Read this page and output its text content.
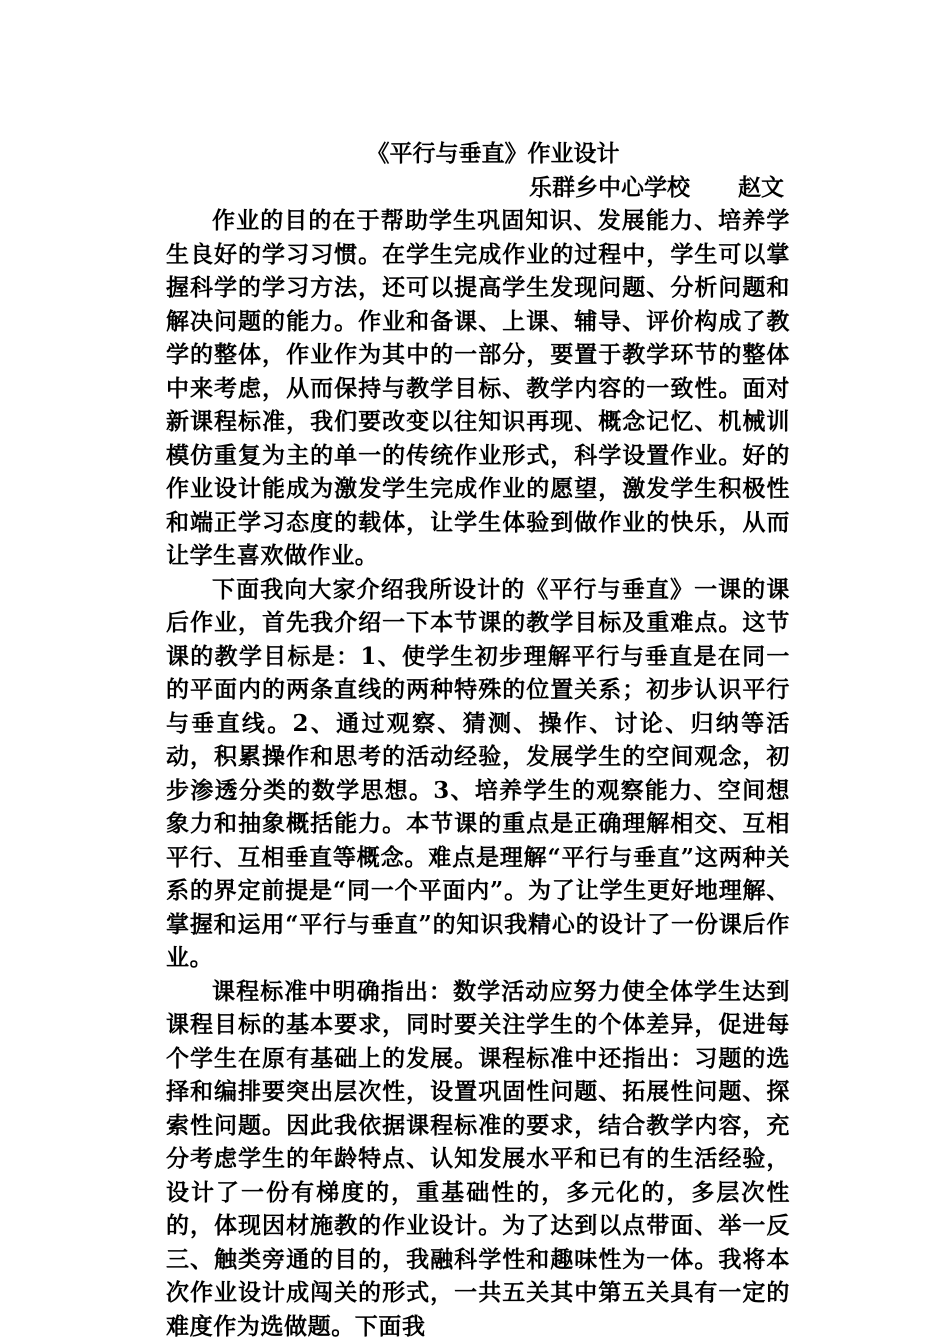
《平行与垂直》作业设计

乐群乡中心学校 赵文

作业的目的在于帮助学生巩固知识、发展能力、培养学生良好的学习习惯。在学生完成作业的过程中，学生可以掌握科学的学习方法，还可以提高学生发现问题、分析问题和解决问题的能力。作业和备课、上课、辅导、评价构成了教学的整体，作业作为其中的一部分，要置于教学环节的整体中来考虑，从而保持与教学目标、教学内容的一致性。面对新课程标准，我们要改变以往知识再现、概念记忆、机械训模仿重复为主的单一的传统作业形式，科学设置作业。好的作业设计能成为激发学生完成作业的愿望，激发学生积极性和端正学习态度的载体，让学生体验到做作业的快乐，从而让学生喜欢做作业。

下面我向大家介绍我所设计的《平行与垂直》一课的课后作业，首先我介绍一下本节课的教学目标及重难点。这节课的教学目标是：1、使学生初步理解平行与垂直是在同一的平面内的两条直线的两种特殊的位置关系；初步认识平行与垂直线。2、通过观察、猜测、操作、讨论、归纳等活动，积累操作和思考的活动经验，发展学生的空间观念，初步渗透分类的数学思想。3、培养学生的观察能力、空间想象力和抽象概括能力。本节课的重点是正确理解相交、互相平行、互相垂直等概念。难点是理解“平行与垂直”这两种关系的界定前提是“同一个平面内”。为了让学生更好地理解、掌握和运用“平行与垂直”的知识我精心的设计了一份课后作业。

课程标准中明确指出：数学活动应努力使全体学生达到课程目标的基本要求，同时要关注学生的个体差异，促进每个学生在原有基础上的发展。课程标准中还指出：习题的选择和编排要突出层次性，设置巩固性问题、拓展性问题、探索性问题。因此我依据课程标准的要求，结合教学内容，充分考虑学生的年龄特点、认知发展水平和已有的生活经验，设计了一份有梯度的，重基础性的，多元化的，多层次性的，体现因材施教的作业设计。为了达到以点带面、举一反三、触类旁通的目的，我融科学性和趣味性为一体。我将本次作业设计成闯关的形式，一共五关其中第五关具有一定的难度作为选做题。下面我
